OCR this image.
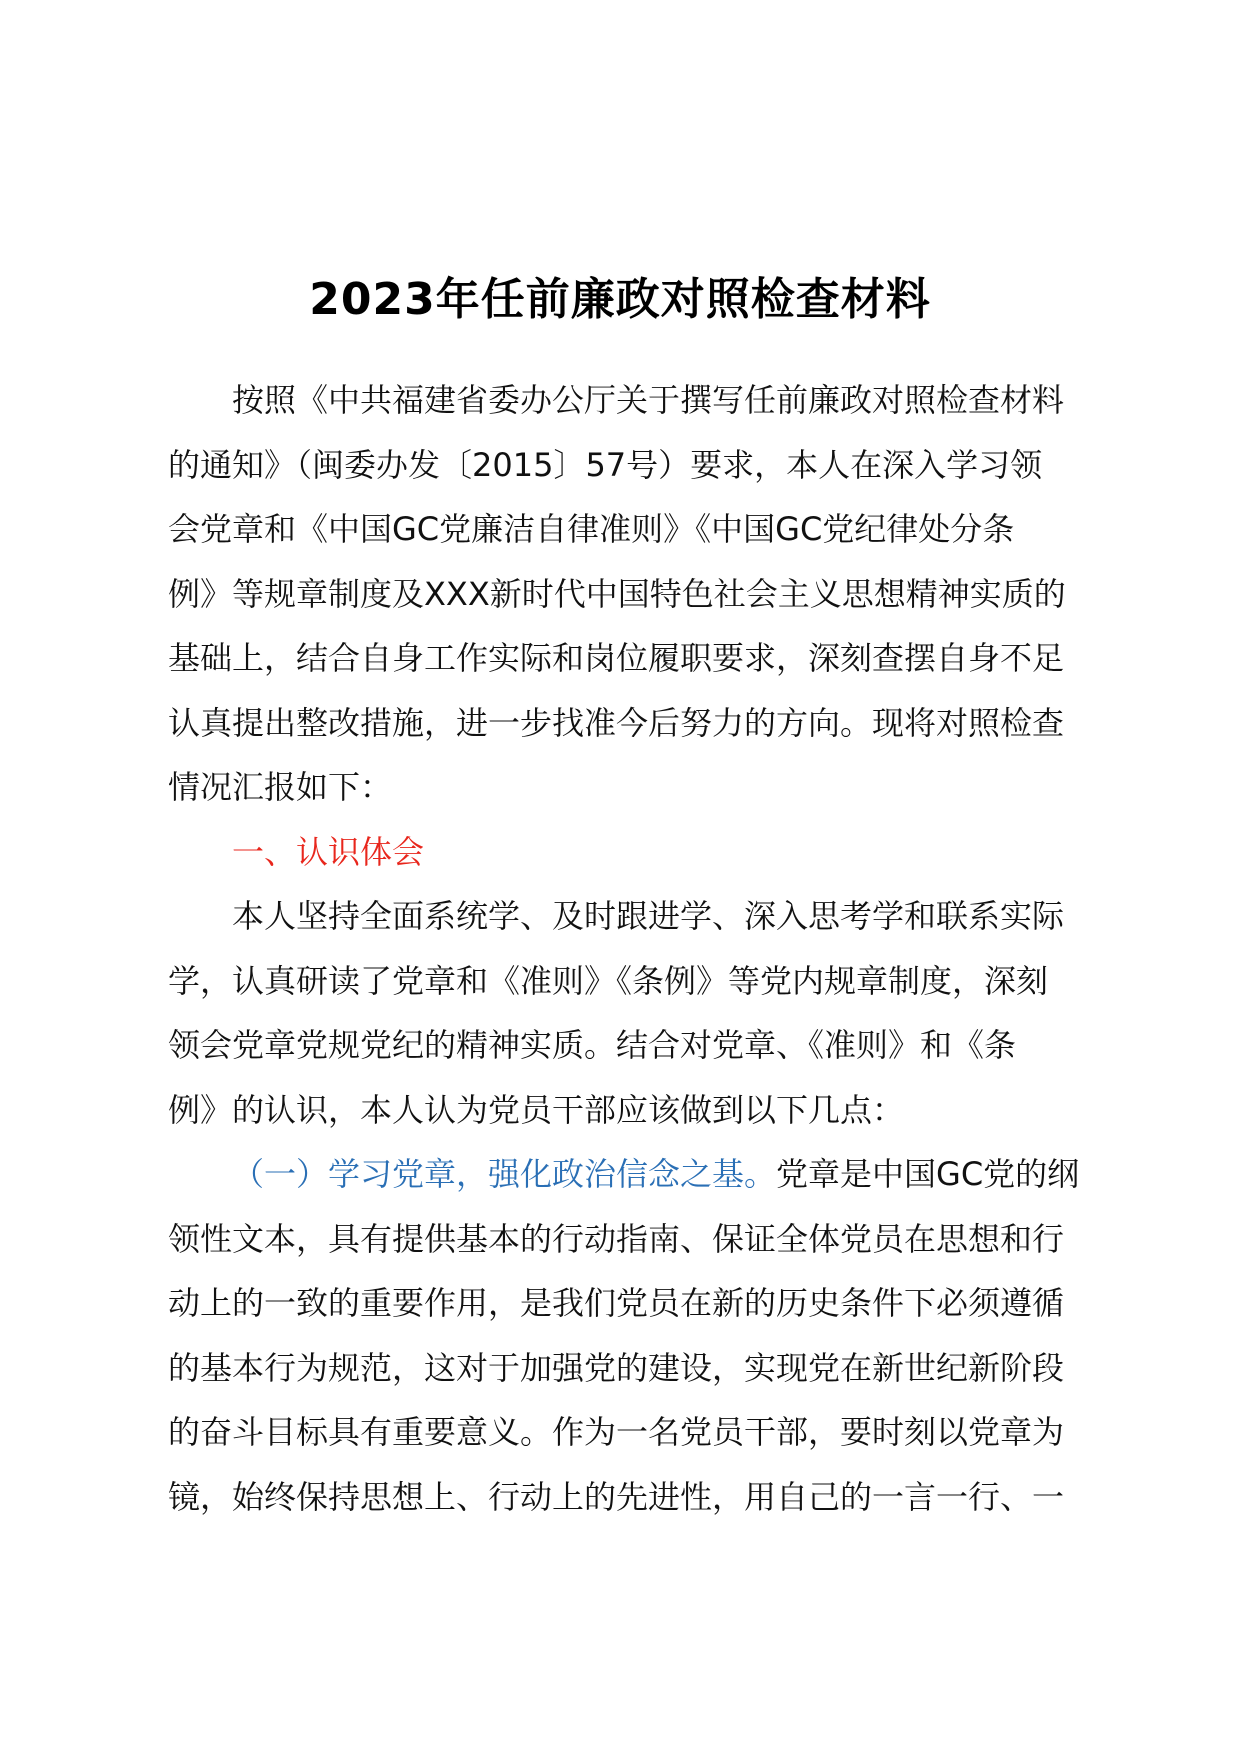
2023年任前廉政对照检查材料
按照《中共福建省委办公厅关于撰写任前廉政对照检查材料
的通知》（闽委办发〔2015〕57号）要求，本人在深入学习领
会党章和《中国GC党廉洁自律准则》《中国GC党纪律处分条
例》等规章制度及XXX新时代中国特色社会主义思想精神实质的
基础上，结合自身工作实际和岗位履职要求，深刻查摆自身不足
认真提出整改措施，进一步找准今后努力的方向。现将对照检查
情况汇报如下：
一、认识体会
本人坚持全面系统学、及时跟进学、深入思考学和联系实际
学，认真研读了党章和《准则》《条例》等党内规章制度，深刻
领会党章党规党纪的精神实质。结合对党章、《准则》和《条
例》的认识，本人认为党员干部应该做到以下几点：
（一）学习党章，强化政治信念之基。党章是中国GC党的纲
领性文本，具有提供基本的行动指南、保证全体党员在思想和行
动上的一致的重要作用，是我们党员在新的历史条件下必须遵循
的基本行为规范，这对于加强党的建设，实现党在新世纪新阶段
的奋斗目标具有重要意义。作为一名党员干部，要时刻以党章为
镜，始终保持思想上、行动上的先进性，用自己的一言一行、一
